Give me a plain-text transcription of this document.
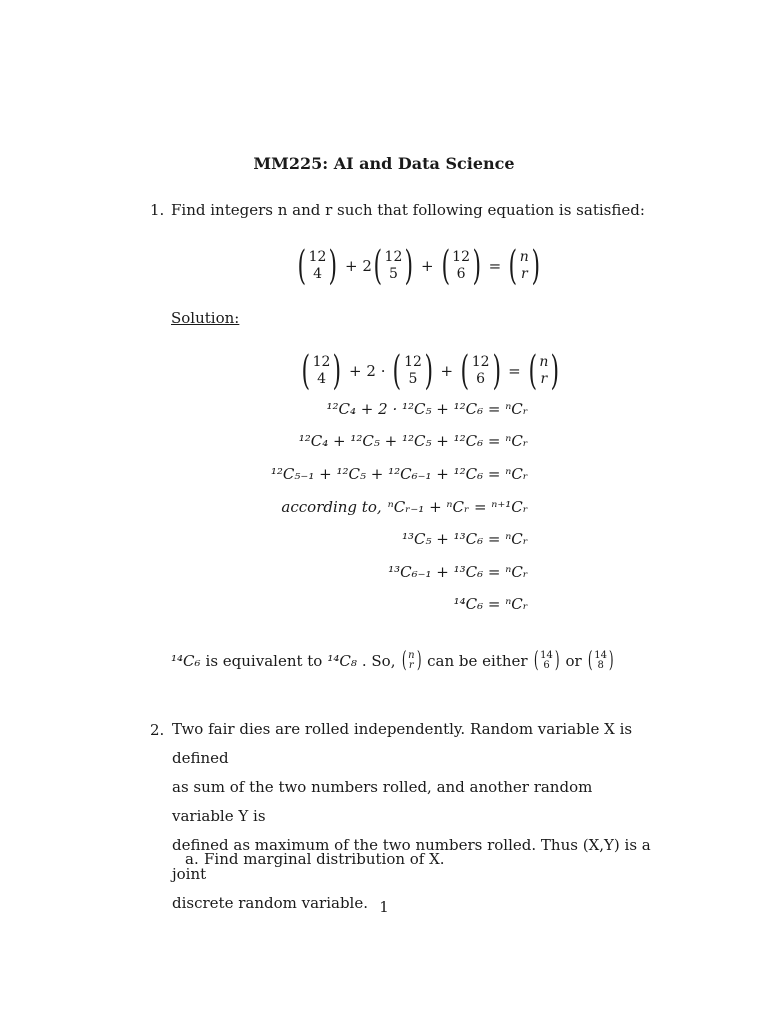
MM225: AI and Data Science
1. Find integers n and r such that following equation is satisfied:
( 12
4 ) + 2 ( 12
5 ) + ( 12
6 ) = ( n
r )
Solution:
( 12
4 ) + 2 · ( 12
5 ) + ( 12
6 ) = ( n
r )
¹²C₄ + 2 · ¹²C₅ + ¹²C₆ = ⁿCᵣ
¹²C₄ + ¹²C₅ + ¹²C₅ + ¹²C₆ = ⁿCᵣ
¹²C₅₋₁ + ¹²C₅ + ¹²C₆₋₁ + ¹²C₆ = ⁿCᵣ
according to, ⁿCᵣ₋₁ + ⁿCᵣ = ⁿ⁺¹Cᵣ
¹³C₅ + ¹³C₆ = ⁿCᵣ
¹³C₆₋₁ + ¹³C₆ = ⁿCᵣ
¹⁴C₆ = ⁿCᵣ
¹⁴C₆ is equivalent to ¹⁴C₈ . So, ( n
r ) can be either ( 14
6 ) or ( 14
8 )
2. Two fair dies are rolled independently. Random variable X is defined
as sum of the two numbers rolled, and another random variable Y is
defined as maximum of the two numbers rolled. Thus (X,Y) is a joint
discrete random variable.
a. Find marginal distribution of X.
1
